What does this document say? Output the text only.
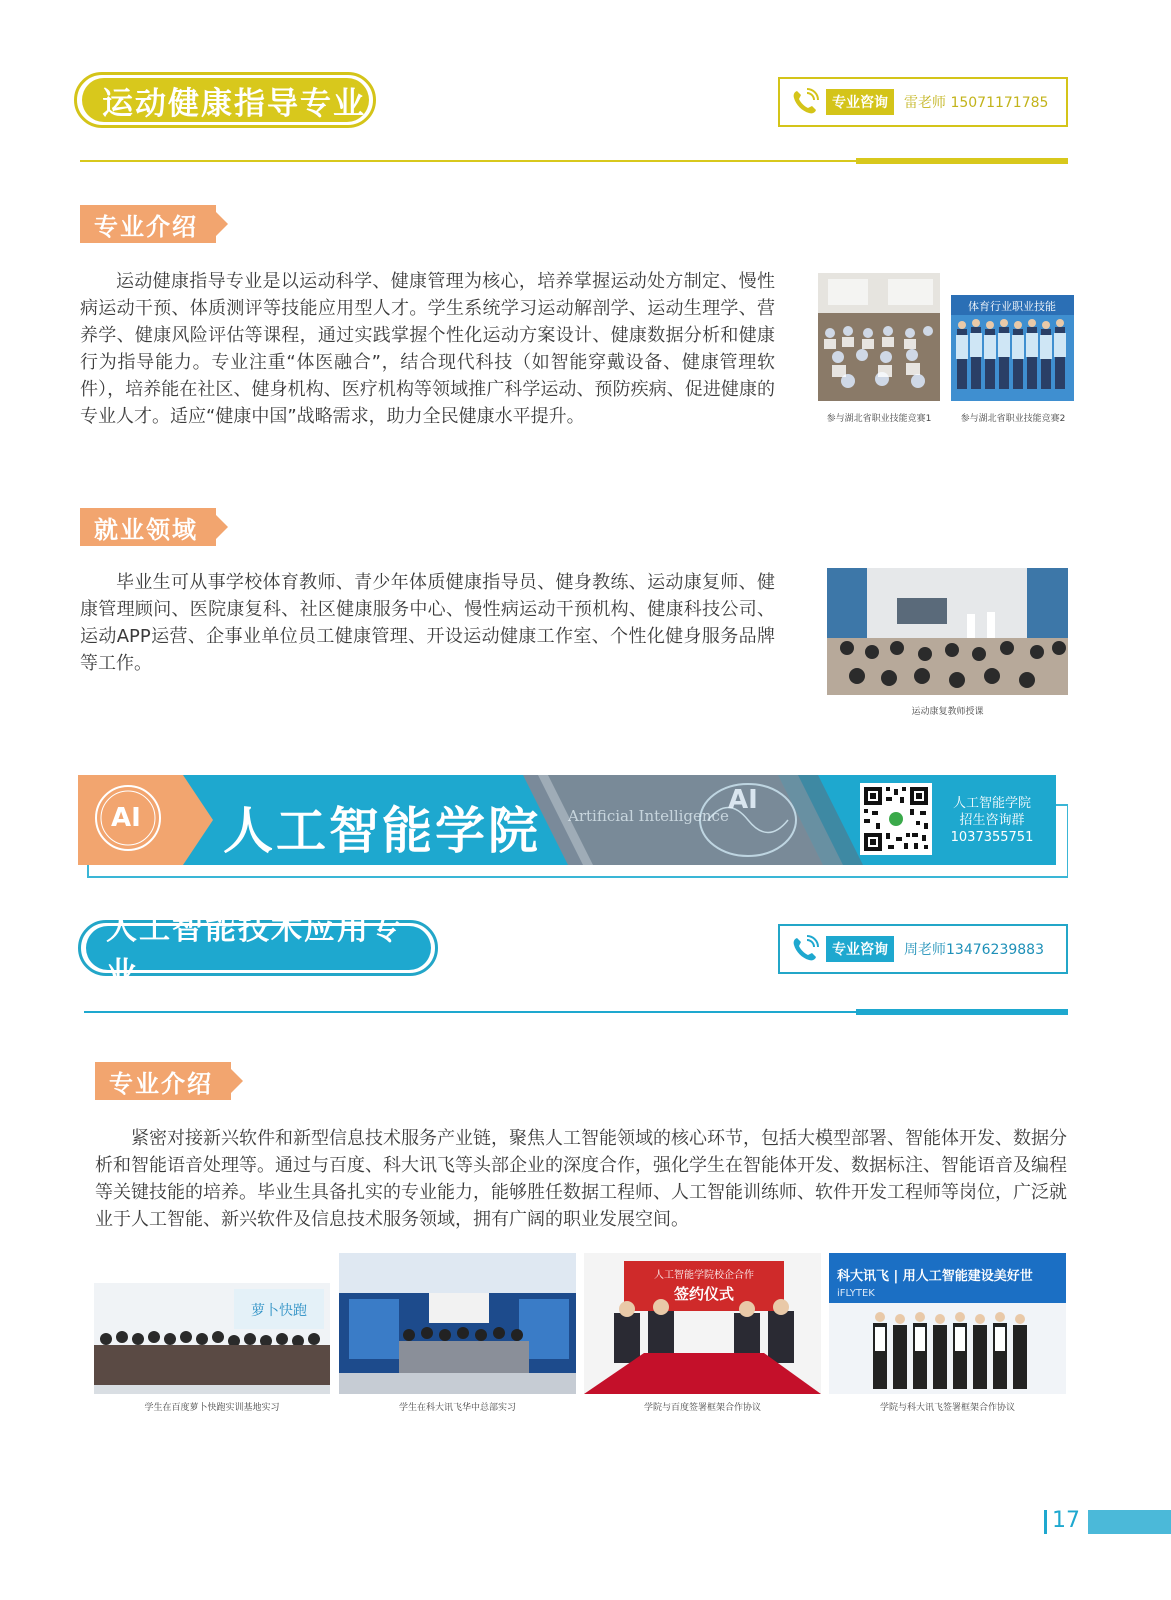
运动健康指导专业	专业咨询	雷老师 15071171785
专业介绍

运动健康指导专业是以运动科学、健康管理为核心，培养掌握运动处方制定、慢性病运动干预、体质测评等技能应用型人才。学生系统学习运动解剖学、运动生理学、营养学、健康风险评估等课程，通过实践掌握个性化运动方案设计、健康数据分析和健康行为指导能力。专业注重“体医融合”，结合现代科技（如智能穿戴设备、健康管理软件），培养能在社区、健身机构、医疗机构等领域推广科学运动、预防疾病、促进健康的专业人才。适应“健康中国”战略需求，助力全民健康水平提升。	参与湖北省职业技能竞赛1
体育行业职业技能
参与湖北省职业技能竞赛2
就业领域

毕业生可从事学校体育教师、青少年体质健康指导员、健身教练、运动康复师、健康管理顾问、医院康复科、社区健康服务中心、慢性病运动干预机构、健康科技公司、运动APP运营、企事业单位员工健康管理、开设运动健康工作室、个性化健身服务品牌等工作。

运动康复教师授课
AI 人工智能学院 Artificial Intelligence
AI	人工智能学院
招生咨询群
1037355751
人工智能技术应用专业
专业咨询	周老师13476239883
专业介绍

紧密对接新兴软件和新型信息技术服务产业链，聚焦人工智能领域的核心环节，包括大模型部署、智能体开发、数据分析和智能语音处理等。通过与百度、科大讯飞等头部企业的深度合作，强化学生在智能体开发、数据标注、智能语音及编程等关键技能的培养。毕业生具备扎实的专业能力，能够胜任数据工程师、人工智能训练师、软件开发工程师等岗位，广泛就业于人工智能、新兴软件及信息技术服务领域，拥有广阔的职业发展空间。

萝卜快跑
学生在百度萝卜快跑实训基地实习	学生在科大讯飞华中总部实习
人工智能学院校企合作
签约仪式
学院与百度签署框架合作协议
科大讯飞 | 用人工智能建设美好世
iFLYTEK
学院与科大讯飞签署框架合作协议
17
